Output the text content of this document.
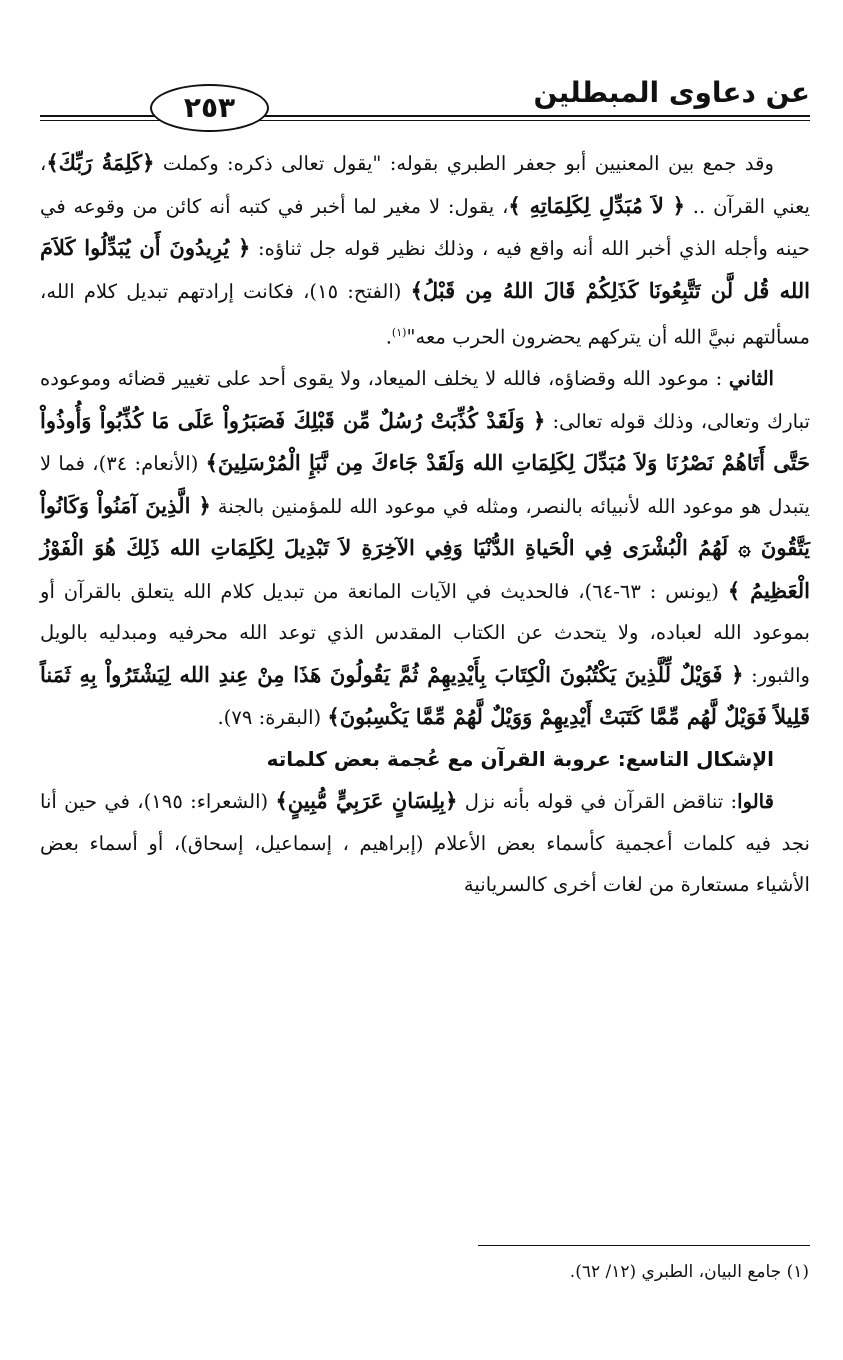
٢٥٣	عن دعاوى المبطلين

وقد جمع بين المعنيين أبو جعفر الطبري بقوله: "يقول تعالى ذكره: وكملت ﴿كَلِمَةُ رَبِّكَ﴾، يعني القرآن .. ﴿ لاَ مُبَدِّلِ لِكَلِمَاتِهِ ﴾، يقول: لا مغير لما أخبر في كتبه أنه كائن من وقوعه في حينه وأجله الذي أخبر الله أنه واقع فيه ، وذلك نظير قوله جل ثناؤه: ﴿ يُرِيدُونَ أَن يُبَدِّلُوا كَلاَمَ الله قُل لَّن تَتَّبِعُونَا كَذَلِكُمْ قَالَ اللهُ مِن قَبْلُ﴾ (الفتح: ١٥)، فكانت إرادتهم تبديل كلام الله، مسألتهم نبيَّ الله أن يتركهم يحضرون الحرب معه"$^{(١)}$.

الثاني : موعود الله وقضاؤه، فالله لا يخلف الميعاد، ولا يقوى أحد على تغيير قضائه وموعوده تبارك وتعالى، وذلك قوله تعالى: ﴿ وَلَقَدْ كُذِّبَتْ رُسُلٌ مِّن قَبْلِكَ فَصَبَرُواْ عَلَى مَا كُذِّبُواْ وَأُوذُواْ حَتَّى أَتَاهُمْ نَصْرُنَا وَلاَ مُبَدِّلَ لِكَلِمَاتِ الله وَلَقَدْ جَاءكَ مِن نَّبَإِ الْمُرْسَلِينَ﴾ (الأنعام: ٣٤)، فما لا يتبدل هو موعود الله لأنبيائه بالنصر، ومثله في موعود الله للمؤمنين بالجنة ﴿ الَّذِينَ آمَنُواْ وَكَانُواْ يَتَّقُونَ ۞ لَهُمُ الْبُشْرَى فِي الْحَياةِ الدُّنْيَا وَفِي الآخِرَةِ لاَ تَبْدِيلَ لِكَلِمَاتِ الله ذَلِكَ هُوَ الْفَوْزُ الْعَظِيمُ ﴾ (يونس : ٦٣-٦٤)، فالحديث في الآيات المانعة من تبديل كلام الله يتعلق بالقرآن أو بموعود الله لعباده، ولا يتحدث عن الكتاب المقدس الذي توعد الله محرفيه ومبدليه بالويل والثبور: ﴿ فَوَيْلٌ لِّلَّذِينَ يَكْتُبُونَ الْكِتَابَ بِأَيْدِيهِمْ ثُمَّ يَقُولُونَ هَذَا مِنْ عِندِ الله لِيَشْتَرُواْ بِهِ ثَمَناً قَلِيلاً فَوَيْلٌ لَّهُم مِّمَّا كَتَبَتْ أَيْدِيهِمْ وَوَيْلٌ لَّهُمْ مِّمَّا يَكْسِبُونَ﴾ (البقرة: ٧٩).

الإشكال التاسع: عروبة القرآن مع عُجمة بعض كلماته

قالوا: تناقض القرآن في قوله بأنه نزل ﴿بِلِسَانٍ عَرَبِيٍّ مُّبِينٍ﴾ (الشعراء: ١٩٥)، في حين أنا نجد فيه كلمات أعجمية كأسماء بعض الأعلام (إبراهيم ، إسماعيل، إسحاق)، أو أسماء بعض الأشياء مستعارة من لغات أخرى كالسريانية

(١) جامع البيان، الطبري (١٢/ ٦٢).
